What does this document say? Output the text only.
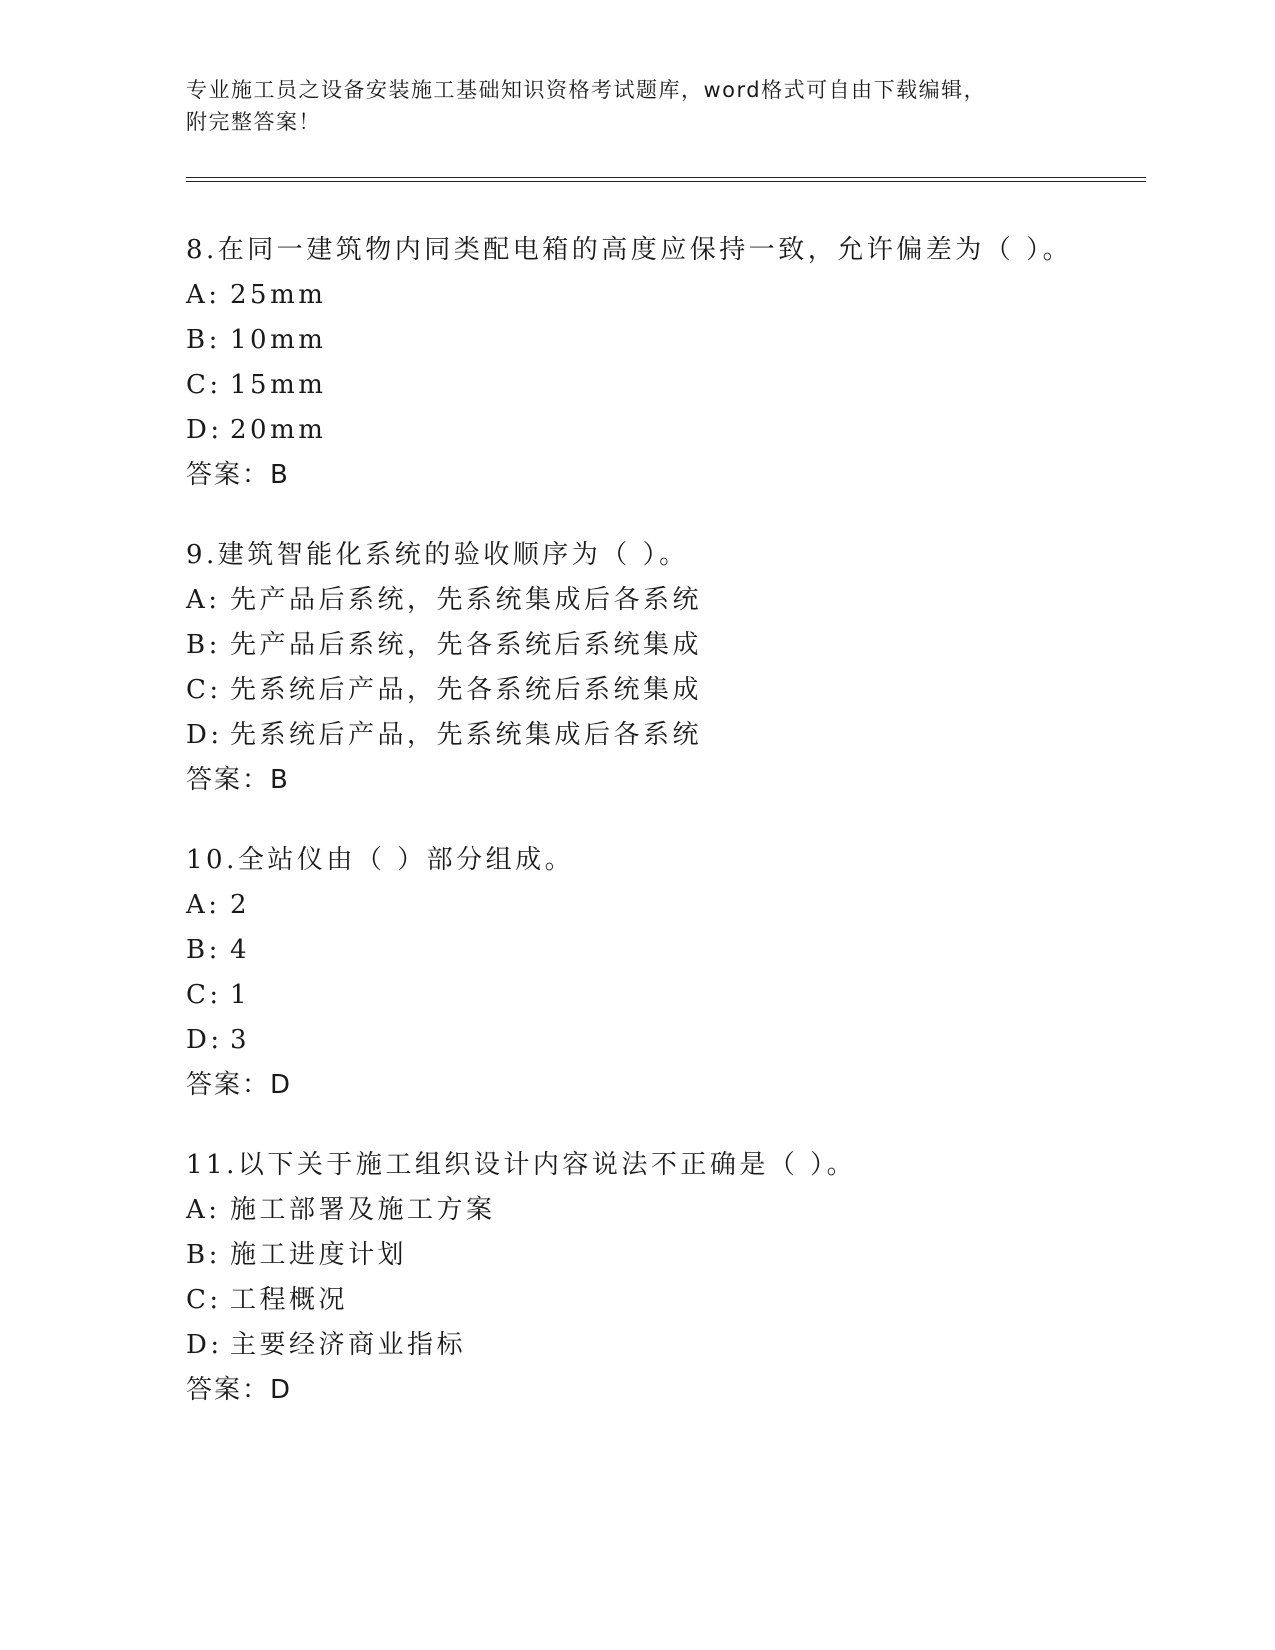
专业施工员之设备安装施工基础知识资格考试题库，word格式可自由下载编辑，
附完整答案！
8.在同一建筑物内同类配电箱的高度应保持一致，允许偏差为（ ）。
A: 25mm
B: 10mm
C: 15mm
D: 20mm
答案：B
9.建筑智能化系统的验收顺序为（ ）。
A: 先产品后系统，先系统集成后各系统
B: 先产品后系统，先各系统后系统集成
C: 先系统后产品，先各系统后系统集成
D: 先系统后产品，先系统集成后各系统
答案：B
10.全站仪由（ ）部分组成。
A: 2
B: 4
C: 1
D: 3
答案：D
11.以下关于施工组织设计内容说法不正确是（ ）。
A: 施工部署及施工方案
B: 施工进度计划
C: 工程概况
D: 主要经济商业指标
答案：D
